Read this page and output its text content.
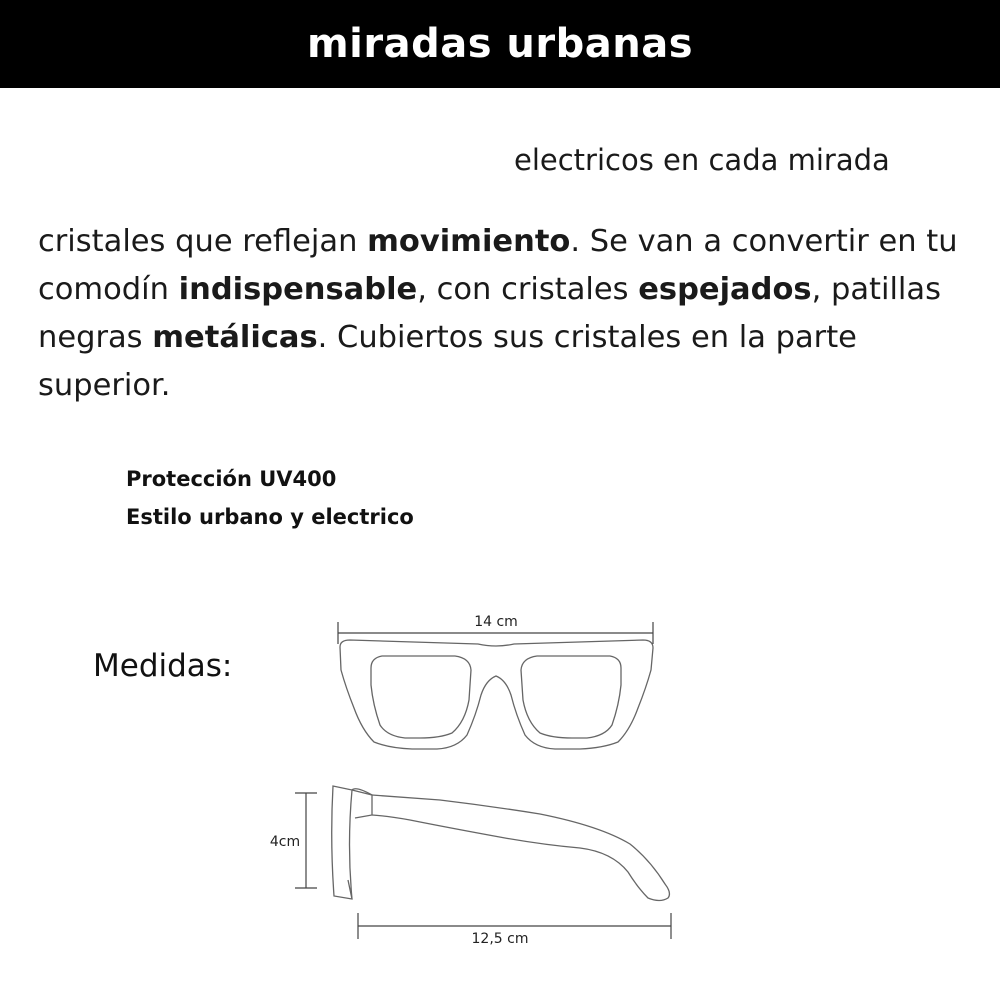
miradas urbanas
electricos en cada mirada

cristales que reflejan movimiento. Se van a convertir en tu comodín indispensable, con cristales espejados, patillas negras metálicas. Cubiertos sus cristales en la parte superior.

Protección UV400
Estilo urbano y electrico
Medidas:
14 cm
4cm
12,5 cm
